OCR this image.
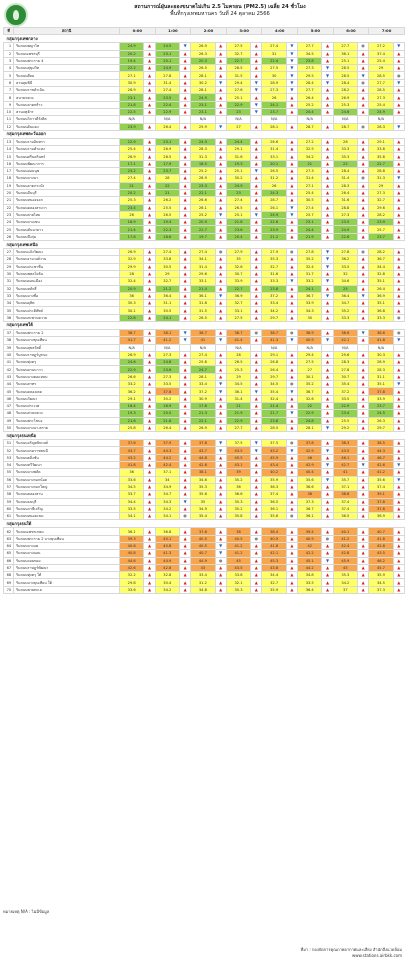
สถานการณ์ฝุ่นละอองขนาดไม่เกิน 2.5 ไมครอน (PM2.5) เฉลี่ย 24 ชั่วโมง
พื้นที่กรุงเทพมหานคร วันที่ 24 ตุลาคม 2566
ที่	สถานี	0:00		1:00		2:00		3:00		4:00		5:00		6:00		7:00	
กลุ่มกรุงเทพกลาง																	
1	ริมถนนพญาไท	24.9	▲	24.5	▼	26.9	▲	27.5	▲	27.4	▼	27.7	▲	27.7	●	27.2	▼
2	ริมถนนเพชรบุรี	20.2	▲	23.1	▲	26.3	▲	32.7	▲	31	▼	34.5	▲	36.1	▲	37.4	▲
3	ริมถนนพระราม 4	19.4	▲	20.1	▲	20.3	▲	22.7	▲	22.4	▼	23.8	▲	25.1	▲	25.4	▲
4	ริมถนนสุขุมวิท	22.2	▲	24.9	▲	26.5	▲	28.5	▲	27.5	▼	27.3	▼	28.5	▲	29	▲
5	ริมถนนสีลม	27.1	▲	27.8	▲	28.1	▲	31.5	▲	30	▼	29.5	▼	28.5	▼	28.5	●
6	สวนลุมพินี	30.9	▲	31.4	▲	30.2	▼	29.4	▼	28.9	▼	28.4	▼	28.4	●	27.7	▼
7	ริมถนนราชดำเนิน	26.9	▲	27.4	▲	28.1	▲	27.6	▼	27.3	▼	27.7	▲	28.2	▲	28.5	▲
8	สนามหลวง	23.1	▲	23.5	▲	24.9	▲	25.1	▲	26	▲	26.4	▲	26.9	▲	27.3	▲
9	ริมถนนลาดพร้าว	21.8	▲	22.4	▲	23.1	▲	22.9	▼	24.1	▲	25.2	▲	25.3	▲	25.4	▲
10	สวนจตุจักร	22.5	▲	22.9	▲	23.1	▲	23	▼	23.7	▲	24.4	▲	24.6	▲	24.9	▲
11	ริมถนนวิภาวดีรังสิต	N/A		N/A		N/A		N/A		N/A		N/A		N/A		N/A	
12	ริมถนนดินแดง	23.9	▲	26.4	▲	25.9	▼	27	▲	28.1	▲	28.7	▲	28.7	●	28.3	▼
กลุ่มกรุงเทพตะวันออก																	
13	ริมถนนรามอินทรา	22.9	▲	23.1	▲	24.3	▲	24.4	▲	26.6	▲	27.2	▲	28	▲	29.1	▲
14	ริมถนนรามคำแหง	25.4	▲	26.9	▲	28.3	▲	29.1	▲	31.4	▲	32.5	▲	33.3	▲	33.8	▲
15	ริมถนนศรีนครินทร์	26.9	▲	28.5	▲	31.3	▲	31.6	▲	33.1	▲	34.2	▲	35.3	▲	35.8	▲
16	ริมถนนพัฒนาการ	17.1	▲	17.9	▲	18.5	▲	19.3	▲	20.1	▲	21	▲	22	▲	22.7	▲
17	ริมถนนอ่อนนุช	23.2	▲	23.7	▲	25.2	▲	25.1	▼	26.5	▲	27.3	▲	28.4	▲	28.8	▲
18	ริมถนนบางนา	27.4	▲	28	▲	28.9	▲	30.2	▲	31.2	▲	31.4	▲	31.4	●	31.3	▼
19	ริมถนนลาดกระบัง	21	▲	22	▲	23.3	▲	24.9	▲	26	▲	27.1	▲	28.3	▲	29	▲
20	ริมถนนมีนบุรี	20.2	▲	21	▲	22.1	▲	23	▲	24.3	▲	25.4	▲	26.4	▲	27.3	▲
21	ริมถนนหนองจอก	25.3	▲	26.2	▲	26.6	▲	27.4	▲	28.7	▲	30.5	▲	31.6	▲	32.7	▲
22	ริมถนนคลองสามวา	23.4	▲	25.5	▲	26.1	▲	26.5	▲	26.1	▼	27.4	▲	28.8	▲	29.6	▲
23	ริมถนนสายไหม	26	▲	26.5	▲	25.2	▼	25.1	▼	24.9	▼	25.7	▲	27.3	▲	28.2	▲
24	ริมถนนบางเขน	18.9	▲	19.4	▲	20.9	▲	21.8	▲	22.6	▲	23.1	▲	23.5	▲	23.9	▲
25	ริมถนนคันนายาว	21.4	▲	22.3	▲	22.7	▲	23.6	▲	23.9	▲	24.4	▲	24.9	▲	25.7	▲
26	ริมถนนบึงกุ่ม	17.8	▲	18.6	▲	19.7	▲	20.4	▲	21.2	▲	21.9	▲	22.6	▲	23.7	▲
กลุ่มกรุงเทพเหนือ																	
27	ริมถนนแจ้งวัฒนะ	26.9	▲	27.4	▲	27.4	●	27.9	▲	27.9	●	27.8	▼	27.8	●	28.2	▲
28	ริมถนนงามวงศ์วาน	32.9	▲	33.8	▲	34.1	▲	35	▲	35.3	▲	35.2	▼	36.2	▲	36.7	▲
29	ริมถนนประชาชื่น	29.9	▲	30.5	▲	31.4	▲	32.6	▲	32.7	▲	32.4	▼	33.5	▲	34.4	▲
30	ริมถนนพหลโยธิน	28	▲	29	▲	29.6	▲	30.7	▲	31.6	▲	31.7	▲	32	▲	32.8	▲
31	ริมถนนดอนเมือง	32.4	▲	32.7	▲	33.1	▲	33.9	▲	33.3	▼	33.2	▼	34.6	▲	35.1	▲
32	ริมถนนหลักสี่	20.9	▲	21.2	▲	21.4	▲	22.7	▲	23.8	▲	24.1	▲	25	▲	26.4	▲
33	ริมถนนบางซื่อ	36	▲	36.4	▲	36.1	▼	36.9	▲	37.2	▲	36.7	▼	36.4	▼	36.9	▲
34	ริมถนนดุสิต	30.3	▲	31.1	▲	31.8	▲	32.7	▲	33.4	▲	33.9	▲	34.7	▲	35.1	▲
35	ริมถนนประดิพัทธ์	30.1	▲	30.5	▲	31.5	▲	33.1	▲	34.2	▲	34.3	▲	35.2	▲	36.8	▲
36	ริมถนนสะพานควาย	22.8	▲	24.1	▲	26.5	▲	27.5	▲	29.7	▲	30	▲	33.3	▲	33.3	●
กลุ่มกรุงเทพใต้																	
37	ริมถนนพระราม 2	38.7	▲	38.1	▼	38.7	▲	38.7	●	38.7	●	38.9	▲	38.6	▼	38.6	●
38	ริมถนนบางขุนเทียน	41.7	▲	41.2	▼	41	▼	41.4	▲	41.3	▼	40.9	▼	42.1	▲	41.8	▼
39	ริมถนนสุขสวัสดิ์	N/A		N/A		N/A		N/A		N/A		N/A		N/A		N/A	
40	ริมถนนราษฎร์บูรณะ	26.9	▲	27.3	▲	27.4	▲	28	▲	29.1	▲	29.4	▲	29.6	▲	30.3	▲
41	ริมถนนทุ่งครุ	24.6	▲	24.8	▲	25.8	▲	26.5	▲	26.8	▲	27.5	▲	28.3	▲	28.9	▲
42	ริมถนนยานนาวา	22.9	▲	23.6	▲	24.7	▲	25.3	▲	26.4	▲	27	▲	27.8	▲	28.3	▲
43	ริมถนนบางคอแหลม	26.6	▲	27.3	▲	28.1	▲	29	▲	29.7	▲	30.1	▲	30.7	▲	31.1	▲
44	ริมถนนสาทร	33.2	▲	33.5	▲	33.4	▼	34.5	▲	34.5	●	35.2	▲	35.4	▲	35.1	▼
45	ริมถนนคลองเตย	36.2	▲	37.8	▲	37.2	▼	36.1	▼	35.4	▼	36.7	▲	37.2	▲	37.8	▲
46	ริมถนนวัฒนา	29.1	▲	30.2	▲	30.9	▲	31.4	▲	32.4	▲	32.6	▲	33.5	▲	33.9	▲
47	ริมถนนประเวศ	16.4	▲	16.9	▲	17.8	▲	21	▲	21.4	▲	22	▲	22.9	▲	23.7	▲
48	ริมถนนสวนหลวง	19.3	▲	20.5	▲	21.3	▲	21.9	▲	21.7	▼	22.9	▲	23.4	▲	24.5	▲
49	ริมถนนพระโขนง	21.6	▲	21.8	▲	22.1	▲	22.9	▲	23.8	▲	24.8	▲	25.5	▲	26.3	▲
50	ริมถนนบางนา-ตราด	25.8	▲	26.4	▲	26.9	▲	27.7	▲	28.5	▲	28.1	▼	29.2	▲	29.7	▲
กลุ่มกรุงธนเหนือ																	
51	ริมถนนจรัญสนิทวงศ์	37.6	▲	37.9	▲	37.8	▼	37.5	▼	37.5	●	37.8	▲	38.3	▲	38.5	▲
52	ริมถนนบรมราชชนนี	43.7	▲	44.3	▲	43.7	▼	43.5	▼	43.2	▼	42.9	▼	43.5	▲	44.3	▲
53	ริมถนนตลิ่งชัน	43.2	▲	44.2	▲	44.8	▲	45.5	▲	45.9	▲	46	▲	46.1	▲	46.7	▲
54	ริมถนนทวีวัฒนา	41.8	▲	42.4	▲	42.8	▲	43.1	▲	43.4	▲	42.9	▼	42.7	▼	42.6	▼
55	ริมถนนบางพลัด	36	▲	37.1	▲	38.1	▲	39	▲	40.2	▲	40.4	▲	41	▲	41.2	▲
56	ริมถนนบางกอกน้อย	33.6	▲	34	▲	34.6	▲	35.2	▲	35.9	▲	35.6	▼	35.7	▲	35.6	▼
57	ริมถนนบางกอกใหญ่	34.5	▲	34.9	▲	35.3	▲	36	▲	36.3	▲	36.6	▲	37.1	▲	37.4	▲
58	ริมถนนคลองสาน	33.7	▲	34.7	▲	35.6	▲	36.6	▲	37.4	▲	38	▲	38.6	▲	39.1	▲
59	ริมถนนธนบุรี	34.4	▲	34.3	▼	35	▲	35.3	▲	36.5	▲	37.3	▲	37.4	▲	37.8	▲
60	ริมถนนภาษีเจริญ	33.5	▲	34.2	▲	34.9	▲	35.2	▲	36.1	▲	36.7	▲	37.4	▲	37.8	▲
61	ริมถนนหนองแขม	34.1	▲	34.1	●	35.4	▲	35.8	▲	35.8	●	36.1	▲	36.5	▲	36.9	▲
กลุ่มกรุงธนใต้																	
62	ริมถนนเพชรเกษม	36.1	▲	36.8	▲	37.6	▲	38	▲	38.4	▲	39.4	▲	40.1	▲	40.7	▲
63	ริมถนนพระราม 2 บางขุนเทียน	39.3	▲	40.1	▲	40.5	▲	40.5	●	40.9	▲	40.9	●	41.2	▲	41.8	▲
64	ริมถนนบางแค	40.6	▲	40.8	▲	40.5	▼	41.2	▲	41.8	▲	42	▲	42.4	▲	42.8	▲
65	ริมถนนบางบอน	40.8	▲	41.3	▲	40.7	▼	41.2	▲	42.1	▲	42.2	▲	42.8	▲	43.5	▲
66	ริมถนนจอมทอง	44.6	▲	44.9	▲	44.9	●	45	▲	45.3	▲	45.1	▼	45.9	▲	46.2	▲
67	ริมถนนราษฎร์พัฒนา	42.6	▲	42.8	▲	43	▲	43.5	▲	43.8	▲	44.2	▲	45	▲	45.7	▲
68	ริมถนนทุ่งครุ ใต้	32.2	▲	32.8	▲	33.4	▲	33.8	▲	34.4	▲	34.8	▲	35.3	▲	35.9	▲
69	ริมถนนบางขุนเทียน ใต้	29.8	▲	30.4	▲	31.2	▲	32.1	▲	32.7	▲	33.5	▲	34.2	▲	34.5	▲
70	ริมถนนชายทะเล	33.6	▲	34.2	▲	34.8	▲	35.3	▲	35.9	▲	36.4	▲	37	▲	37.3	▲
หมายเหตุ N/A : ไม่มีข้อมูล
ที่มา : กองจัดการคุณภาพอากาศและเสียง สำนักสิ่งแวดล้อม
www.stations.airbkk.com
